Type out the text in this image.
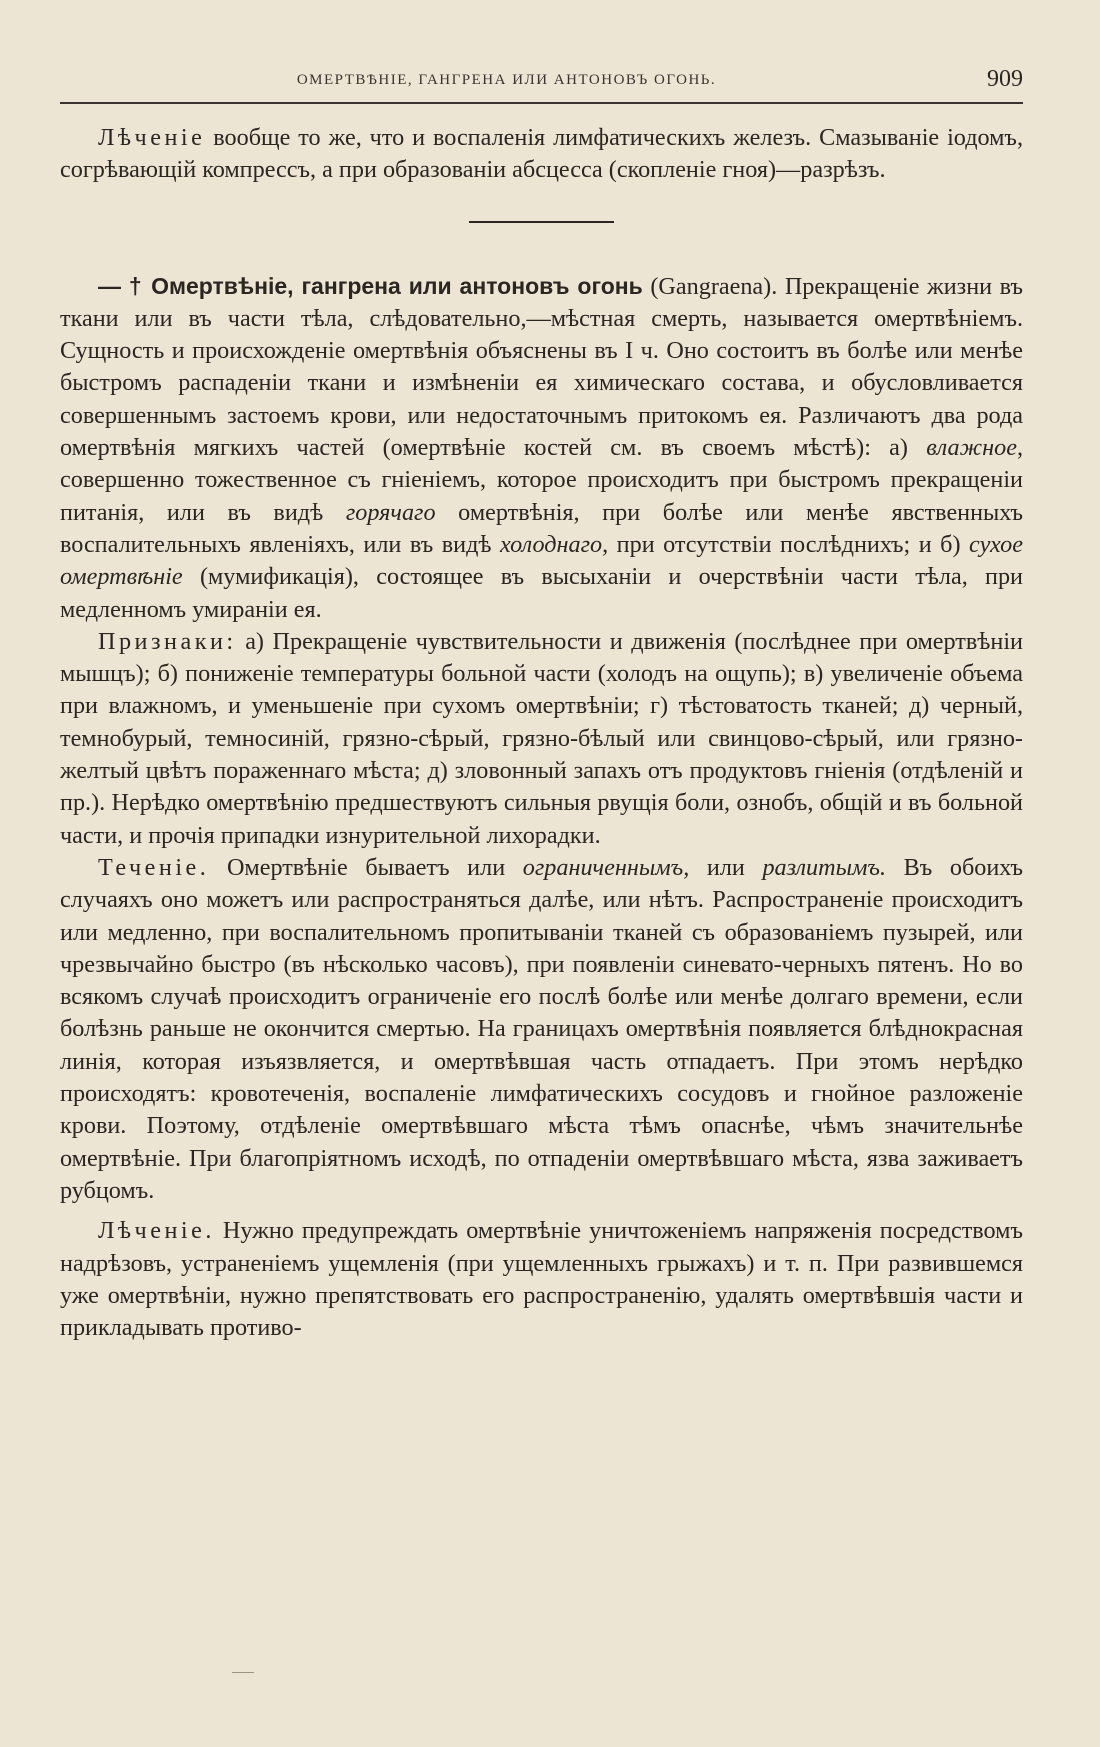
ОМЕРТВѢНІЕ, ГАНГРЕНА ИЛИ АНТОНОВЪ ОГОНЬ.	909

Лѣченіе вообще то же, что и воспаленія лимфатическихъ железъ. Смазываніе іодомъ, согрѣвающій компрессъ, а при образованіи абсцесса (скопленіе гноя)—разрѣзъ.

— † Омертвѣніе, гангрена или антоновъ огонь (Gangraena). Прекращеніе жизни въ ткани или въ части тѣла, слѣдовательно,—мѣстная смерть, называется омертвѣніемъ. Сущность и происхожденіе омертвѣнія объяснены въ I ч. Оно состоитъ въ болѣе или менѣе быстромъ распаденіи ткани и измѣненіи ея химическаго состава, и обусловливается совершеннымъ застоемъ крови, или недостаточнымъ притокомъ ея. Различаютъ два рода омертвѣнія мягкихъ частей (омертвѣніе костей см. въ своемъ мѣстѣ): а) влажное, совершенно тожественное съ гніеніемъ, которое происходитъ при быстромъ прекращеніи питанія, или въ видѣ горячаго омертвѣнія, при болѣе или менѣе явственныхъ воспалительныхъ явленіяхъ, или въ видѣ холоднаго, при отсутствіи послѣднихъ; и б) сухое омертвѣніе (мумификація), состоящее въ высыханіи и очерствѣніи части тѣла, при медленномъ умираніи ея.

Признаки: а) Прекращеніе чувствительности и движенія (послѣднее при омертвѣніи мышцъ); б) пониженіе температуры больной части (холодъ на ощупь); в) увеличеніе объема при влажномъ, и уменьшеніе при сухомъ омертвѣніи; г) тѣстоватость тканей; д) черный, темнобурый, темносиній, грязно-сѣрый, грязно-бѣлый или свинцово-сѣрый, или грязно-желтый цвѣтъ пораженнаго мѣста; д) зловонный запахъ отъ продуктовъ гніенія (отдѣленій и пр.). Нерѣдко омертвѣнію предшествуютъ сильныя рвущія боли, ознобъ, общій и въ больной части, и прочія припадки изнурительной лихорадки.

Теченіе. Омертвѣніе бываетъ или ограниченнымъ, или разлитымъ. Въ обоихъ случаяхъ оно можетъ или распространяться далѣе, или нѣтъ. Распространеніе происходитъ или медленно, при воспалительномъ пропитываніи тканей съ образованіемъ пузырей, или чрезвычайно быстро (въ нѣсколько часовъ), при появленіи синевато-черныхъ пятенъ. Но во всякомъ случаѣ происходитъ ограниченіе его послѣ болѣе или менѣе долгаго времени, если болѣзнь раньше не окончится смертью. На границахъ омертвѣнія появляется блѣднокрасная линія, которая изъязвляется, и омертвѣвшая часть отпадаетъ. При этомъ нерѣдко происходятъ: кровотеченія, воспаленіе лимфатическихъ сосудовъ и гнойное разложеніе крови. Поэтому, отдѣленіе омертвѣвшаго мѣста тѣмъ опаснѣе, чѣмъ значительнѣе омертвѣніе. При благопріятномъ исходѣ, по отпаденіи омертвѣвшаго мѣста, язва заживаетъ рубцомъ.

Лѣченіе. Нужно предупреждать омертвѣніе уничтоженіемъ напряженія посредствомъ надрѣзовъ, устраненіемъ ущемленія (при ущемленныхъ грыжахъ) и т. п. При развившемся уже омертвѣніи, нужно препятствовать его распространенію, удалять омертвѣвшія части и прикладывать противо-
